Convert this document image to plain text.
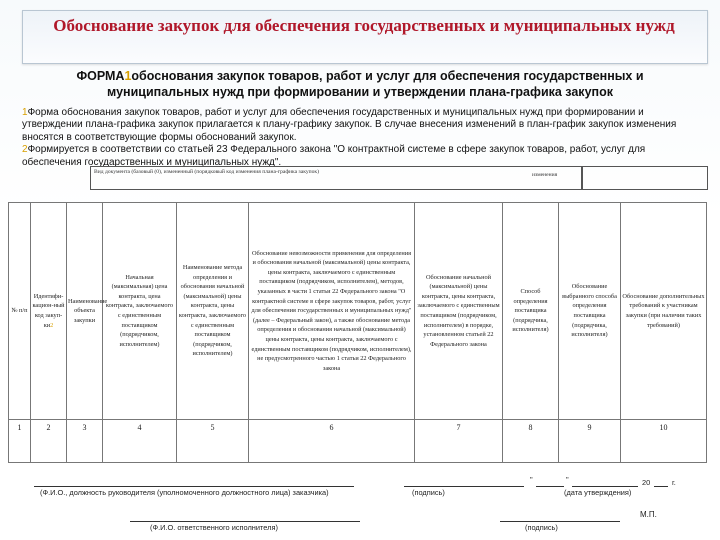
Обоснование закупок для обеспечения государственных и муниципальных нужд
ФОРМА1обоснования закупок товаров, работ и услуг для обеспечения государственных и муниципальных нужд при формировании и утверждении плана-графика закупок
1Форма обоснования закупок товаров, работ и услуг для обеспечения государственных и муниципальных нужд при формировании и утверждении плана-графика закупок прилагается к плану-графику закупок. В случае внесения изменений в план-график закупок изменения вносятся в соответствующие формы обоснований закупок.
2Формируется в соответствии со статьей 23 Федерального закона "О контрактной системе в сфере закупок товаров, работ, услуг для обеспечения государственных и муниципальных нужд".
Вид документа (базовый (0), измененный (порядковый код изменения плана-графика закупок)	изменения
№ п/п	Идентифи-кацион-ный код закуп-ки2	Наименование объекта закупки	Начальная (максимальная) цена контракта, цена контракта, заключаемого с единственным поставщиком (подрядчиком, исполнителем)	Наименование метода определения и обоснования начальной (максимальной) цены контракта, цены контракта, заключаемого с единственным поставщиком (подрядчиком, исполнителем)	Обоснование невозможности применения для определения и обоснования начальной (максимальной) цены контракта, цены контракта, заключаемого с единственным поставщиком (подрядчиком, исполнителем), методов, указанных в части 1 статьи 22 Федерального закона "О контрактной системе в сфере закупок товаров, работ, услуг для обеспечения государственных и муниципальных нужд" (далее – Федеральный закон), а также обоснование метода определения и обоснования начальной (максимальной) цены контракта, цены контракта, заключаемого с единственным поставщиком (подрядчиком, исполнителем), не предусмотренного частью 1 статьи 22 Федерального закона	Обоснование начальной (максимальной) цены контракта, цены контракта, заключаемого с единственным поставщиком (подрядчиком, исполнителем) в порядке, установленном статьей 22 Федерального закона	Способ определения поставщика (подрядчика, исполнителя)	Обоснование выбранного способа определения поставщика (подрядчика, исполнителя)	Обоснование дополнительных требований к участникам закупки (при наличии таких требований)
1	2	3	4	5	6	7	8	9	10
"	"	20	г.
(Ф.И.О., должность руководителя (уполномоченного должностного лица) заказчика)	(подпись)	(дата утверждения)
М.П.
(Ф.И.О. ответственного исполнителя)	(подпись)
